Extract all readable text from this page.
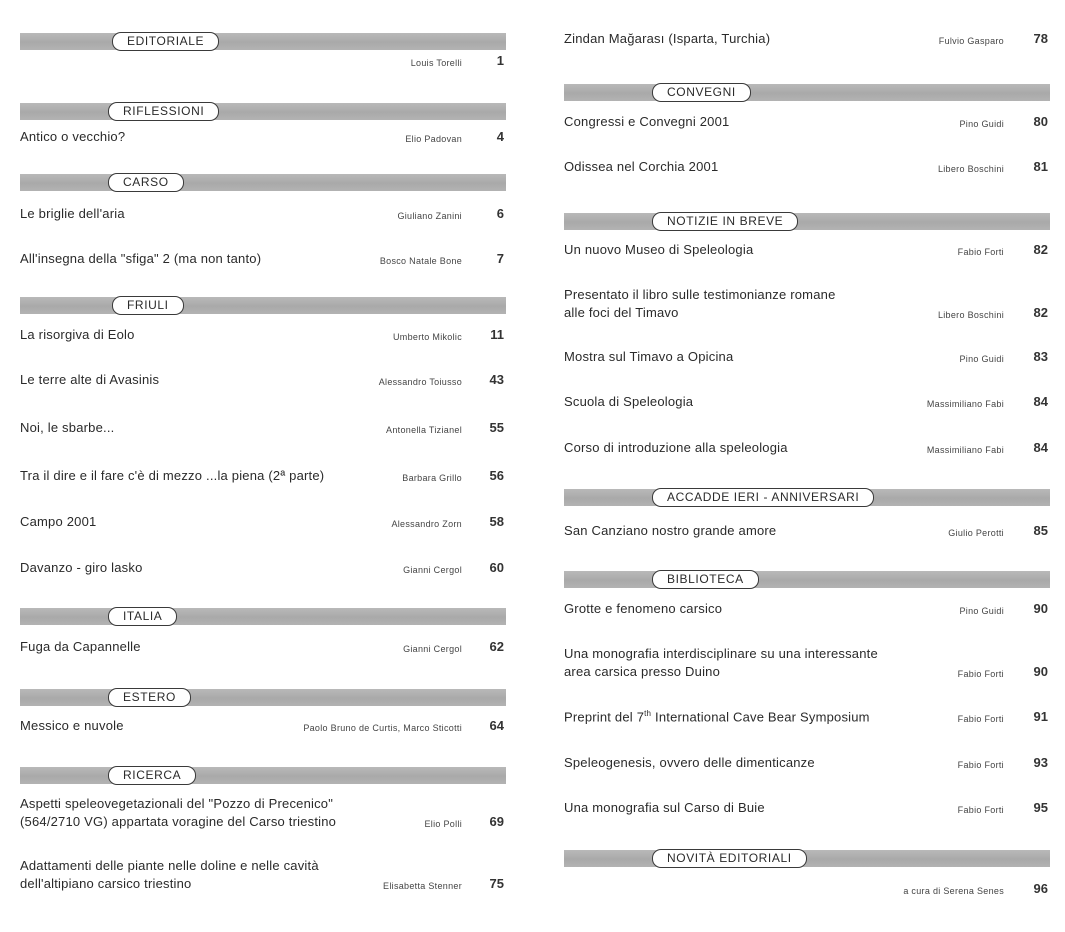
EDITORIALE
Louis Torelli	1
RIFLESSIONI
Antico o vecchio?	Elio Padovan	4
CARSO
Le briglie dell'aria	Giuliano Zanini	6
All'insegna della "sfiga" 2 (ma non tanto)	Bosco Natale Bone	7
FRIULI
La risorgiva di Eolo	Umberto Mikolic 11
Le terre alte di Avasinis	Alessandro Toiusso 43
Noi, le sbarbe...	Antonella Tizianel 55
Tra il dire e il fare c'è di mezzo ...la piena (2ª parte)	Barbara Grillo 56
Campo 2001	Alessandro Zorn 58
Davanzo - giro lasko	Gianni Cergol 60
ITALIA
Fuga da Capannelle	Gianni Cergol 62
ESTERO
Messico e nuvole	Paolo Bruno de Curtis, Marco Sticotti 64
RICERCA
Aspetti speleovegetazionali del "Pozzo di Precenico"
(564/2710 VG) appartata voragine del Carso triestino	Elio Polli 69
Adattamenti delle piante nelle doline e nelle cavità
dell'altipiano carsico triestino	Elisabetta Stenner 75
Zindan Mağarası (Isparta, Turchia)	Fulvio Gasparo 78
CONVEGNI
Congressi e Convegni 2001	Pino Guidi 80
Odissea nel Corchia 2001	Libero Boschini 81
NOTIZIE IN BREVE
Un nuovo Museo di Speleologia	Fabio Forti 82
Presentato il libro sulle testimonianze romane
alle foci del Timavo	Libero Boschini 82
Mostra sul Timavo a Opicina	Pino Guidi 83
Scuola di Speleologia	Massimiliano Fabi 84
Corso di introduzione alla speleologia	Massimiliano Fabi 84
ACCADDE IERI - ANNIVERSARI
San Canziano nostro grande amore	Giulio Perotti 85
BIBLIOTECA
Grotte e fenomeno carsico	Pino Guidi 90
Una monografia interdisciplinare su una interessante
area carsica presso Duino	Fabio Forti 90
Preprint del 7th International Cave Bear Symposium	Fabio Forti 91
Speleogenesis, ovvero delle dimenticanze	Fabio Forti 93
Una monografia sul Carso di Buie	Fabio Forti 95
NOVITÀ EDITORIALI
a cura di Serena Senes 96
